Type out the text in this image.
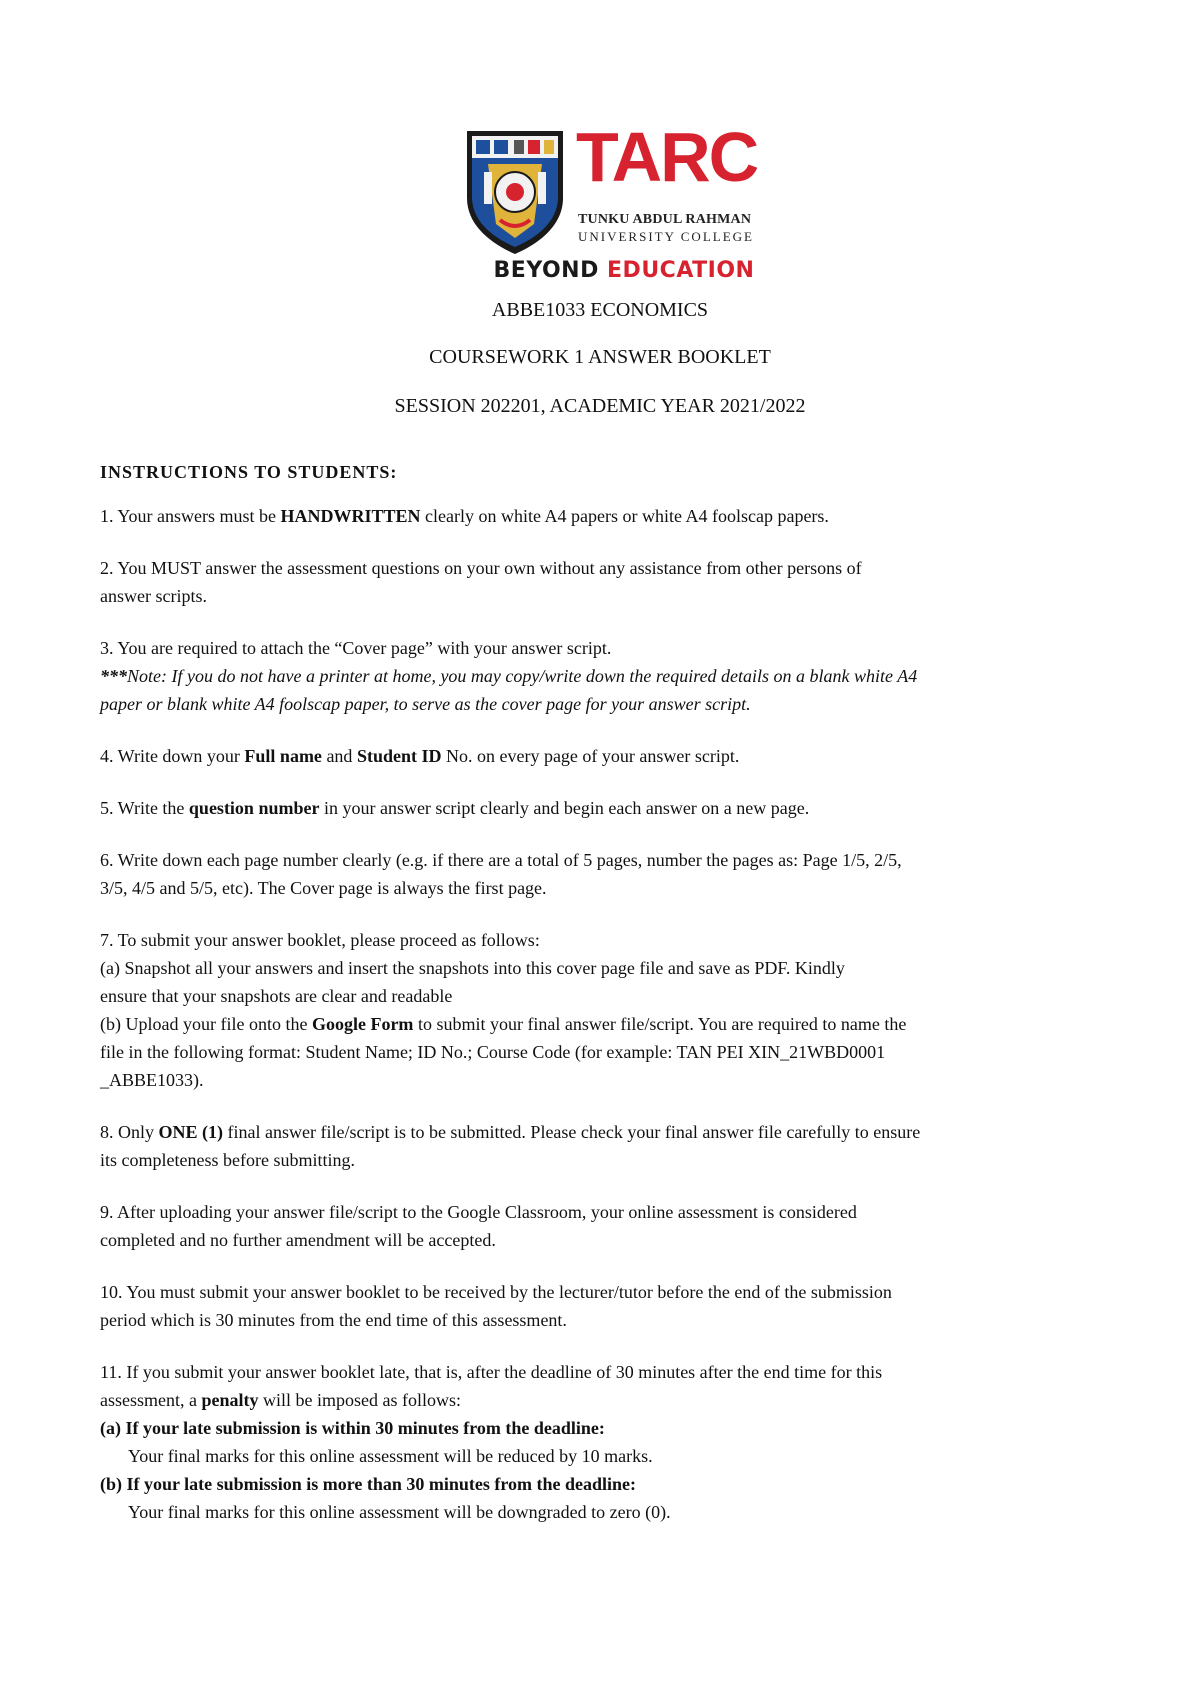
TARC
TUNKU ABDUL RAHMAN
UNIVERSITY COLLEGE
BEYOND EDUCATION
ABBE1033 ECONOMICS
COURSEWORK 1 ANSWER BOOKLET
SESSION 202201, ACADEMIC YEAR 2021/2022

INSTRUCTIONS TO STUDENTS:

1. Your answers must be HANDWRITTEN clearly on white A4 papers or white A4 foolscap papers.

2. You MUST answer the assessment questions on your own without any assistance from other persons of
answer scripts.

3. You are required to attach the “Cover page” with your answer script.

***Note: If you do not have a printer at home, you may copy/write down the required details on a blank white A4
paper or blank white A4 foolscap paper, to serve as the cover page for your answer script.

4. Write down your Full name and Student ID No. on every page of your answer script.

5. Write the question number in your answer script clearly and begin each answer on a new page.

6. Write down each page number clearly (e.g. if there are a total of 5 pages, number the pages as: Page 1/5, 2/5,
3/5, 4/5 and 5/5, etc). The Cover page is always the first page.

7. To submit your answer booklet, please proceed as follows:
(a) Snapshot all your answers and insert the snapshots into this cover page file and save as PDF. Kindly
ensure that your snapshots are clear and readable
(b) Upload your file onto the Google Form to submit your final answer file/script. You are required to name the
file in the following format: Student Name; ID No.; Course Code (for example: TAN PEI XIN_21WBD0001
_ABBE1033).

8. Only ONE (1) final answer file/script is to be submitted. Please check your final answer file carefully to ensure
its completeness before submitting.

9. After uploading your answer file/script to the Google Classroom, your online assessment is considered
completed and no further amendment will be accepted.

10. You must submit your answer booklet to be received by the lecturer/tutor before the end of the submission
period which is 30 minutes from the end time of this assessment.

11. If you submit your answer booklet late, that is, after the deadline of 30 minutes after the end time for this
assessment, a penalty will be imposed as follows:
(a) If your late submission is within 30 minutes from the deadline:

Your final marks for this online assessment will be reduced by 10 marks.

(b) If your late submission is more than 30 minutes from the deadline:

Your final marks for this online assessment will be downgraded to zero (0).
